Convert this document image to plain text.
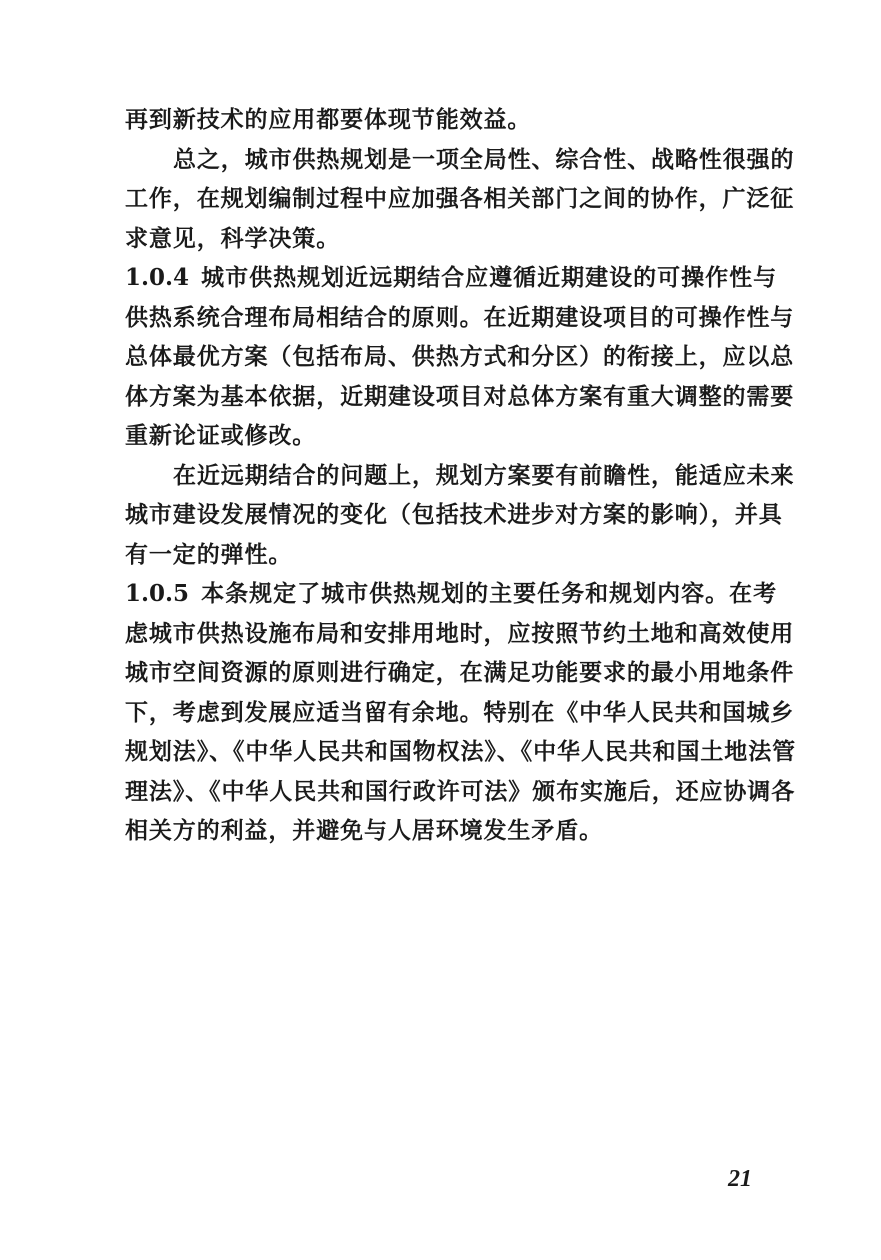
再到新技术的应用都要体现节能效益。
总之，城市供热规划是一项全局性、综合性、战略性很强的
工作，在规划编制过程中应加强各相关部门之间的协作，广泛征
求意见，科学决策。
1.0.4 城市供热规划近远期结合应遵循近期建设的可操作性与
供热系统合理布局相结合的原则。在近期建设项目的可操作性与
总体最优方案（包括布局、供热方式和分区）的衔接上，应以总
体方案为基本依据，近期建设项目对总体方案有重大调整的需要
重新论证或修改。
在近远期结合的问题上，规划方案要有前瞻性，能适应未来
城市建设发展情况的变化（包括技术进步对方案的影响），并具
有一定的弹性。
1.0.5 本条规定了城市供热规划的主要任务和规划内容。在考
虑城市供热设施布局和安排用地时，应按照节约土地和高效使用
城市空间资源的原则进行确定，在满足功能要求的最小用地条件
下，考虑到发展应适当留有余地。特别在《中华人民共和国城乡
规划法》、《中华人民共和国物权法》、《中华人民共和国土地法管
理法》、《中华人民共和国行政许可法》颁布实施后，还应协调各
相关方的利益，并避免与人居环境发生矛盾。
21
